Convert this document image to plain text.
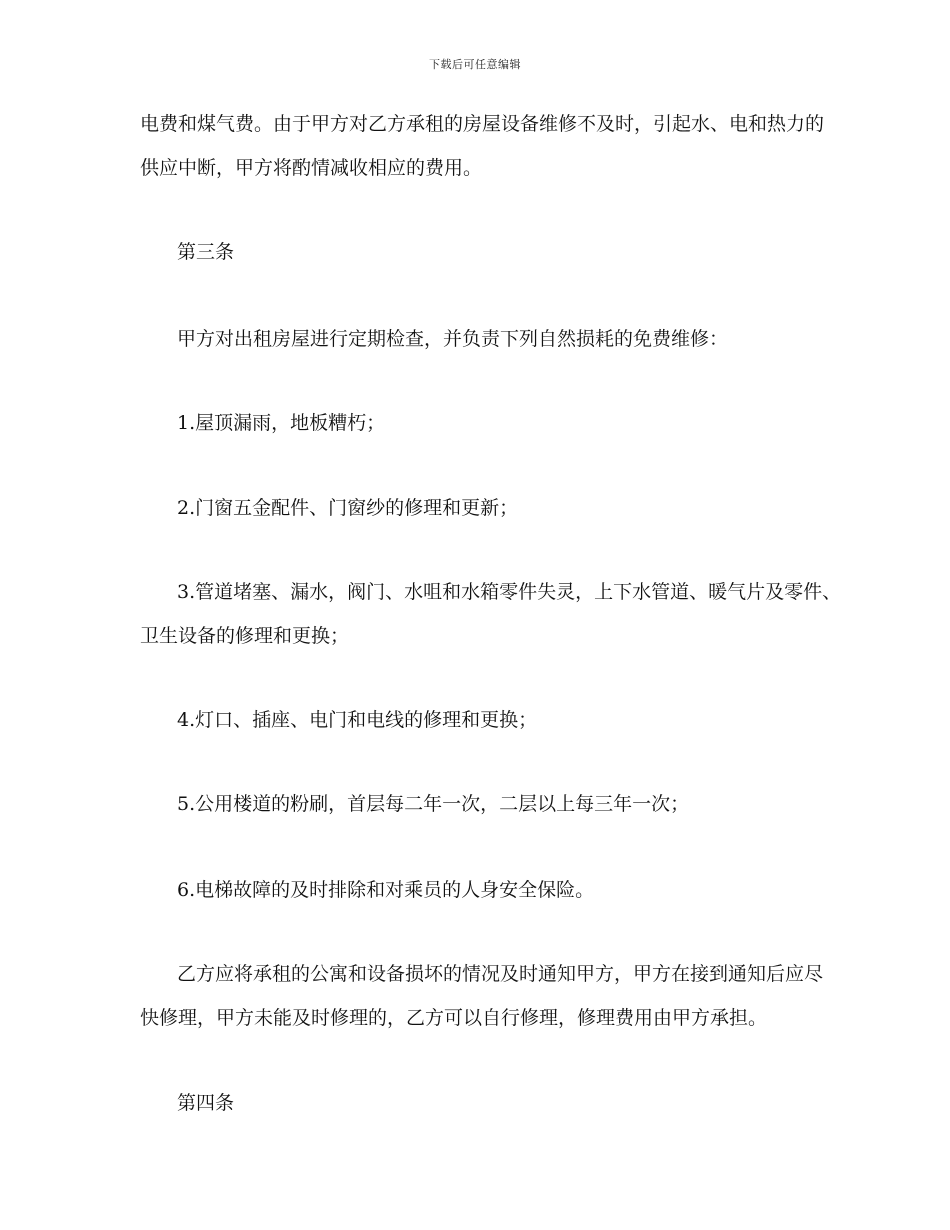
下载后可任意编辑

电费和煤气费。由于甲方对乙方承租的房屋设备维修不及时，引起水、电和热力的

供应中断，甲方将酌情减收相应的费用。

第三条

甲方对出租房屋进行定期检查，并负责下列自然损耗的免费维修：

1.屋顶漏雨，地板糟朽；

2.门窗五金配件、门窗纱的修理和更新；

3.管道堵塞、漏水，阀门、水咀和水箱零件失灵，上下水管道、暖气片及零件、

卫生设备的修理和更换；

4.灯口、插座、电门和电线的修理和更换；

5.公用楼道的粉刷，首层每二年一次，二层以上每三年一次；

6.电梯故障的及时排除和对乘员的人身安全保险。

乙方应将承租的公寓和设备损坏的情况及时通知甲方，甲方在接到通知后应尽

快修理，甲方未能及时修理的，乙方可以自行修理，修理费用由甲方承担。

第四条
